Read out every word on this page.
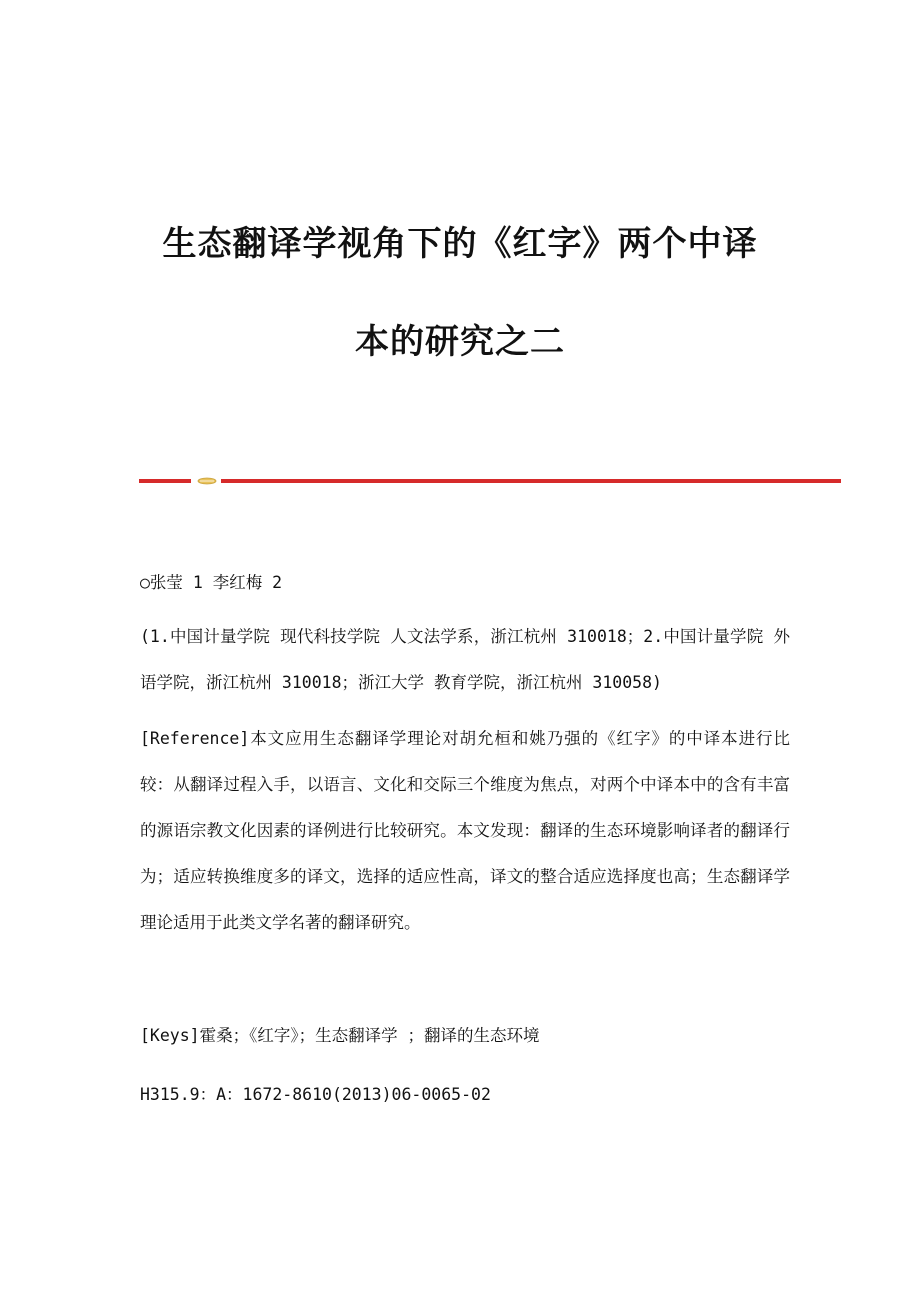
生态翻译学视角下的《红字》两个中译
本的研究之二
○张莹 1 李红梅 2
(1.中国计量学院 现代科技学院 人文法学系，浙江杭州 310018；2.中国计量学院 外语学院，浙江杭州 310018；浙江大学 教育学院，浙江杭州 310058)
[Reference]本文应用生态翻译学理论对胡允桓和姚乃强的《红字》的中译本进行比较：从翻译过程入手，以语言、文化和交际三个维度为焦点，对两个中译本中的含有丰富的源语宗教文化因素的译例进行比较研究。本文发现：翻译的生态环境影响译者的翻译行为；适应转换维度多的译文，选择的适应性高，译文的整合适应选择度也高；生态翻译学理论适用于此类文学名著的翻译研究。
[Keys]霍桑；《红字》；生态翻译学 ；翻译的生态环境
H315.9：A：1672-8610(2013)06-0065-02
